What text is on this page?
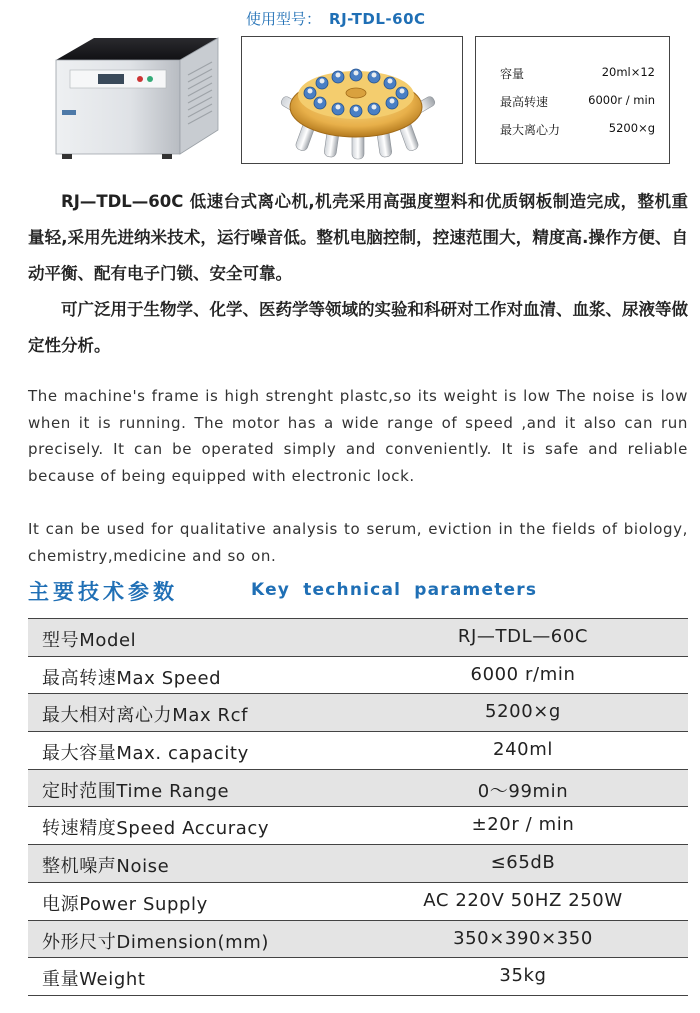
使用型号： RJ-TDL-60C
容量	20ml×12
最高转速	6000r / min
最大离心力	5200×g
RJ—TDL—60C 低速台式离心机,机壳采用高强度塑料和优质钢板制造完成，整机重量轻,采用先进纳米技术，运行噪音低。整机电脑控制，控速范围大，精度高.操作方便、自动平衡、配有电子门锁、安全可靠。
可广泛用于生物学、化学、医药学等领域的实验和科研对工作对血清、血浆、尿液等做定性分析。
The machine's frame is high strenght plastc,so its weight is low The noise is low when it is running. The motor has a wide range of speed ,and it also can run precisely. It can be operated simply and conveniently. It is safe and reliable because of being equipped with electronic lock.
It can be used for qualitative analysis to serum, eviction in the fields of biology, chemistry,medicine and so on.
主要技术参数	Key technical parameters
型号Model	RJ—TDL—60C
最高转速Max Speed	6000 r/min
最大相对离心力Max Rcf	5200×g
最大容量Max. capacity	240ml
定时范围Time Range	0～99min
转速精度Speed Accuracy	±20r / min
整机噪声Noise	≤65dB
电源Power Supply	AC 220V 50HZ 250W
外形尺寸Dimension(mm)	350×390×350
重量Weight	35kg
